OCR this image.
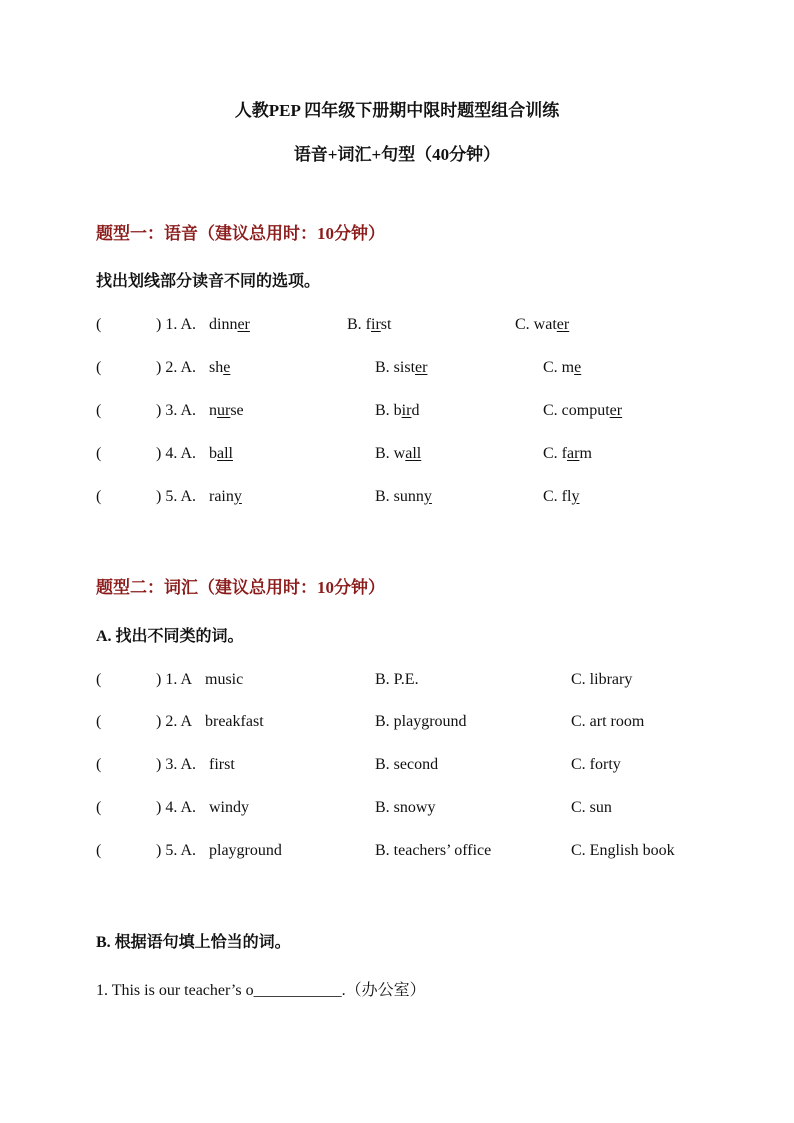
人教PEP 四年级下册期中限时题型组合训练
语音+词汇+句型（40分钟）
题型一：语音（建议总用时：10分钟）
找出划线部分读音不同的选项。
(	) 1. A. dinner	B. first	C. water
(	) 2. A. she	B. sister	C. me
(	) 3. A. nurse	B. bird	C. computer
(	) 4. A. ball	B. wall	C. farm
(	) 5. A. rainy	B. sunny	C. fly
题型二：词汇（建议总用时：10分钟）
A. 找出不同类的词。
(	) 1. A music	B. P.E.	C. library
(	) 2. A breakfast	B. playground	C. art room
(	) 3. A. first	B. second	C. forty
(	) 4. A. windy	B. snowy	C. sun
(	) 5. A. playground	B. teachers’ office	C. English book
B. 根据语句填上恰当的词。
1. This is our teacher’s o___________.（办公室）
